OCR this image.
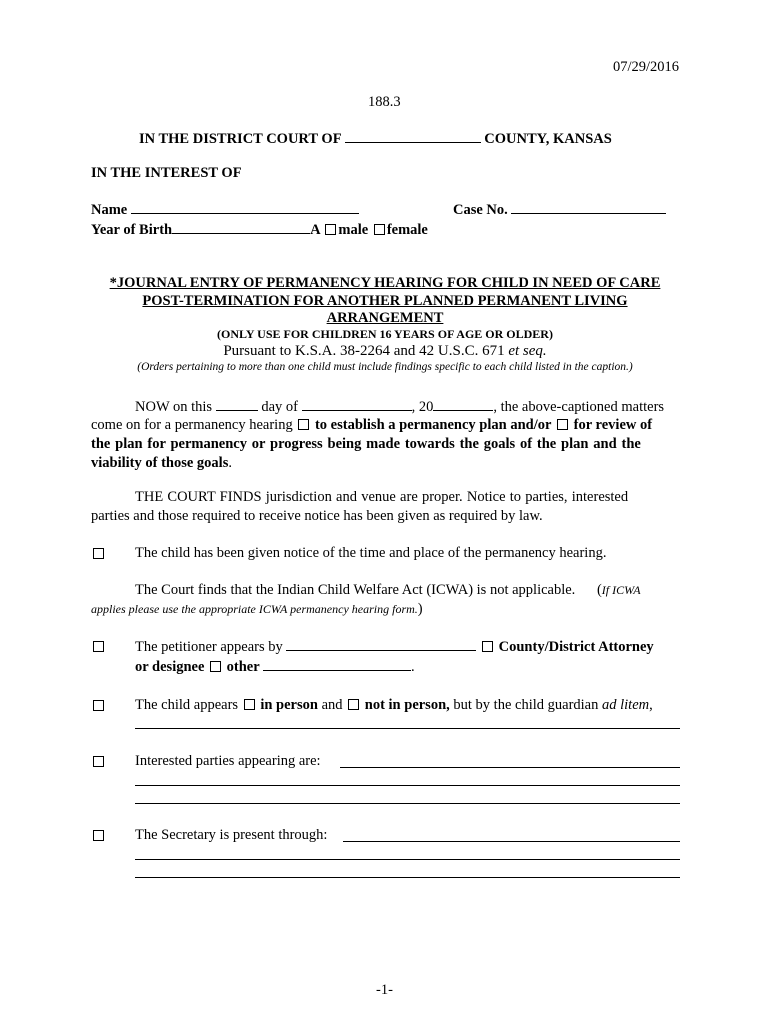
07/29/2016
188.3
IN THE DISTRICT COURT OF	COUNTY, KANSAS
IN THE INTEREST OF
Name	Case No.
Year of Birth	A male female
*JOURNAL ENTRY OF PERMANENCY HEARING FOR CHILD IN NEED OF CARE
POST-TERMINATION FOR ANOTHER PLANNED PERMANENT LIVING
ARRANGEMENT
(ONLY USE FOR CHILDREN 16 YEARS OF AGE OR OLDER)
Pursuant to K.S.A. 38-2264 and 42 U.S.C. 671 et seq.
(Orders pertaining to more than one child must include findings specific to each child listed in the caption.)
NOW on this	day of	, 20	, the above-captioned matters
come on for a permanency hearing to establish a permanency plan and/or for review of
the plan for permanency or progress being made towards the goals of the plan and the
viability of those goals.
THE COURT FINDS jurisdiction and venue are proper. Notice to parties, interested
parties and those required to receive notice has been given as required by law.
The child has been given notice of the time and place of the permanency hearing.
The Court finds that the Indian Child Welfare Act (ICWA) is not applicable. (If ICWA
applies please use the appropriate ICWA permanency hearing form.)
The petitioner appears by	County/District Attorney
or designee other	.
The child appears in person and not in person, but by the child guardian ad litem,
Interested parties appearing are:
The Secretary is present through:
-1-
